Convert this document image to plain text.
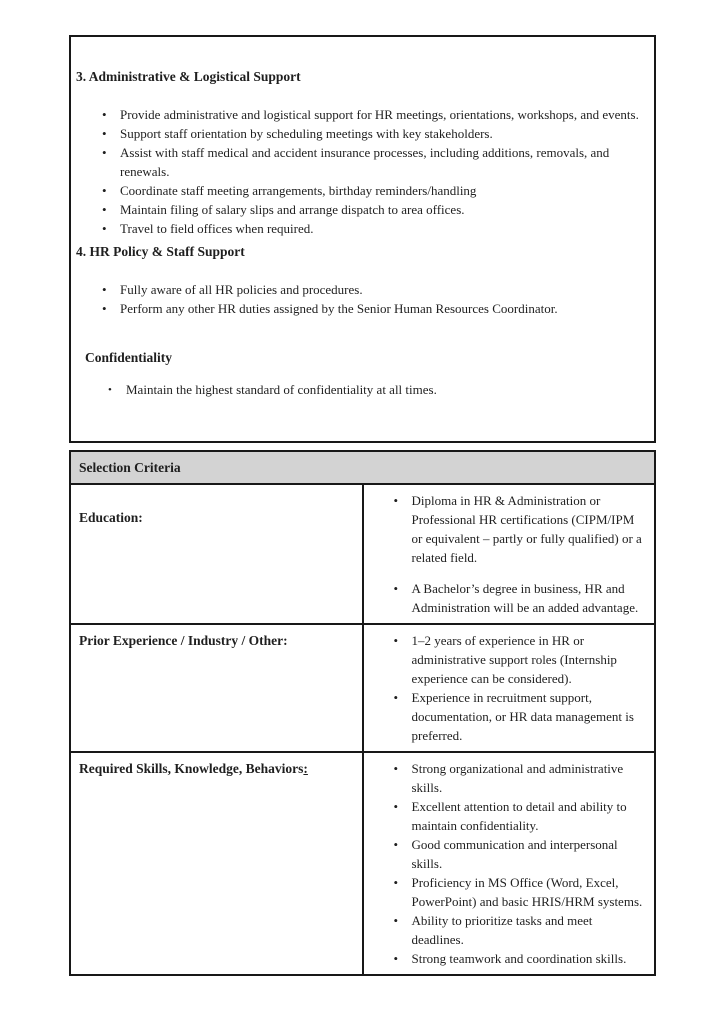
3. Administrative & Logistical Support
• Provide administrative and logistical support for HR meetings, orientations, workshops, and events.
• Support staff orientation by scheduling meetings with key stakeholders.
• Assist with staff medical and accident insurance processes, including additions, removals, and renewals.
• Coordinate staff meeting arrangements, birthday reminders/handling
• Maintain filing of salary slips and arrange dispatch to area offices.
• Travel to field offices when required.
4. HR Policy & Staff Support
• Fully aware of all HR policies and procedures.
• Perform any other HR duties assigned by the Senior Human Resources Coordinator.
Confidentiality
• Maintain the highest standard of confidentiality at all times.
Selection Criteria	

Education:

• Diploma in HR & Administration or Professional HR certifications (CIPM/IPM or equivalent – partly or fully qualified) or a related field.
• A Bachelor’s degree in business, HR and Administration will be an added advantage.

Prior Experience / Industry / Other:

•1–2 years of experience in HR or administrative support roles (Internship experience can be considered).
• Experience in recruitment support, documentation, or HR data management is preferred.

Required Skills, Knowledge, Behaviors:

•Strong organizational and administrative skills.
• Excellent attention to detail and ability to maintain confidentiality.
• Good communication and interpersonal skills.
• Proficiency in MS Office (Word, Excel, PowerPoint) and basic HRIS/HRM systems.
• Ability to prioritize tasks and meet deadlines.
• Strong teamwork and coordination skills.
